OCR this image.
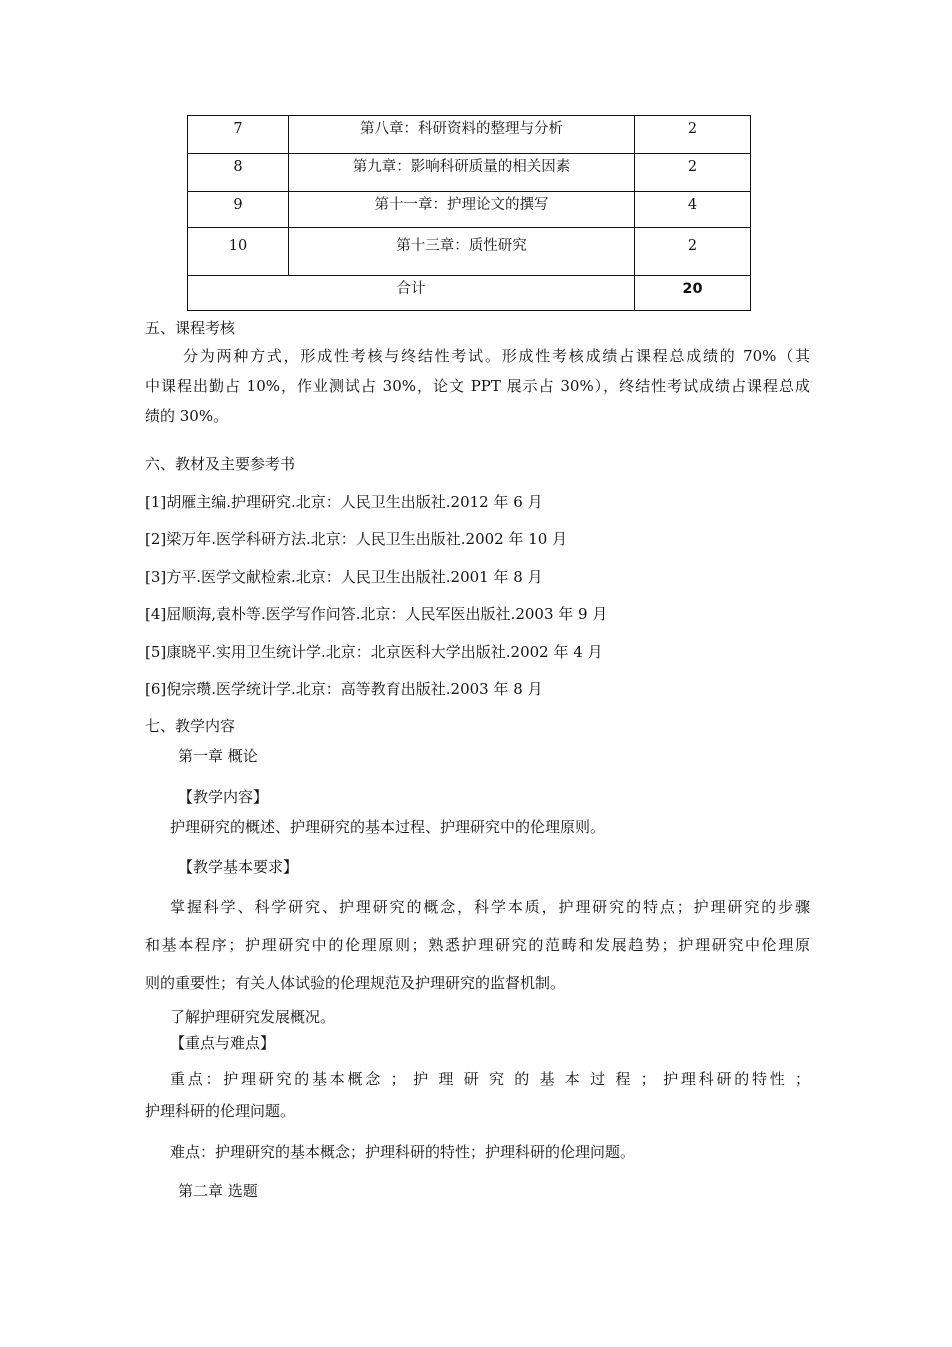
7	第八章：科研资料的整理与分析	2
8	第九章：影响科研质量的相关因素	2
9	第十一章：护理论文的撰写	4
10	第十三章：质性研究	2
合计		20
五、课程考核
分为两种方式，形成性考核与终结性考试。形成性考核成绩占课程总成绩的 70%（其
中课程出勤占 10%，作业测试占 30%，论文 PPT 展示占 30%），终结性考试成绩占课程总成
绩的 30%。
六、教材及主要参考书
[1]胡雁主编.护理研究.北京：人民卫生出版社.2012 年 6 月
[2]梁万年.医学科研方法.北京：人民卫生出版社.2002 年 10 月
[3]方平.医学文献检索.北京：人民卫生出版社.2001 年 8 月
[4]屈顺海,袁朴等.医学写作问答.北京：人民军医出版社.2003 年 9 月
[5]康晓平.实用卫生统计学.北京：北京医科大学出版社.2002 年 4 月
[6]倪宗瓒.医学统计学.北京：高等教育出版社.2003 年 8 月
七、教学内容
第一章 概论
【教学内容】
护理研究的概述、护理研究的基本过程、护理研究中的伦理原则。
【教学基本要求】
掌握科学、科学研究、护理研究的概念，科学本质，护理研究的特点；护理研究的步骤
和基本程序；护理研究中的伦理原则；熟悉护理研究的范畴和发展趋势；护理研究中伦理原
则的重要性；有关人体试验的伦理规范及护理研究的监督机制。
了解护理研究发展概况。
【重点与难点】
重点：护理研究的基本概念 ； 护 理 研 究 的 基 本 过 程 ； 护理科研的特性 ；
护理科研的伦理问题。
难点：护理研究的基本概念；护理科研的特性；护理科研的伦理问题。
第二章 选题
